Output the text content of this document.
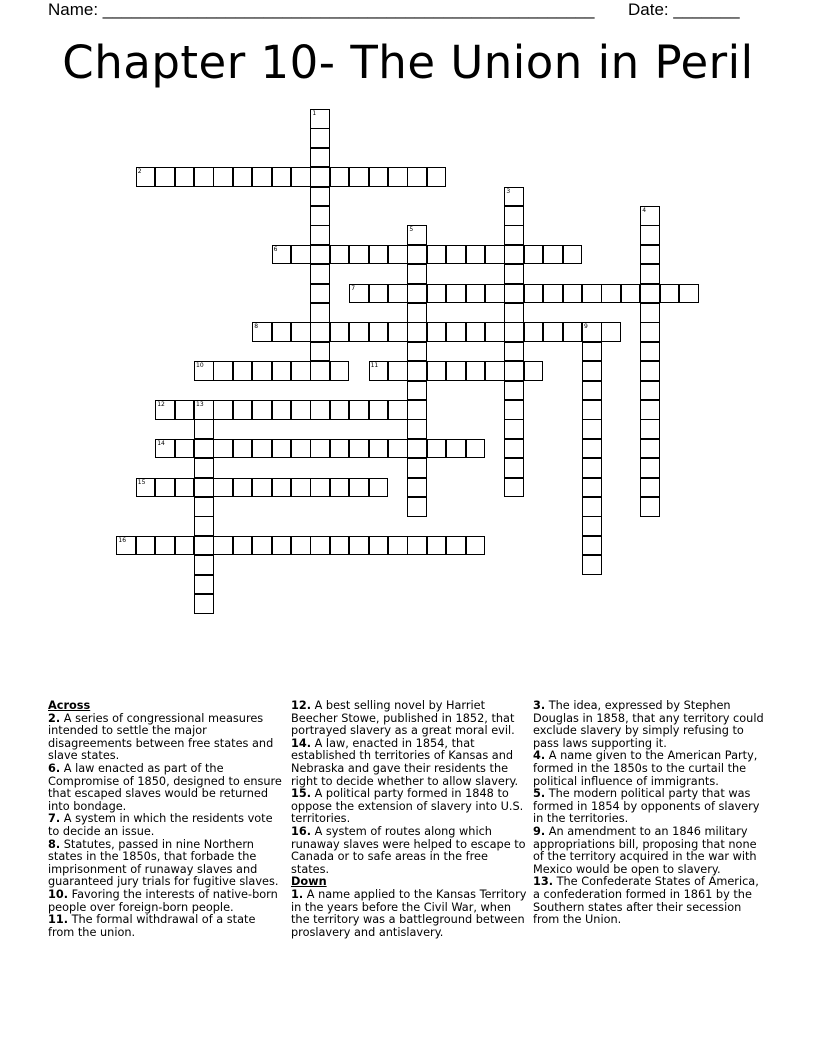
Name: ____________________________________________________ Date: _______
Chapter 10- The Union in Peril
2
6
7
8
10	11
12
14
15
16
1
3
4
5
9
13

Across

2. A series of congressional measures intended to settle the major disagreements between free states and slave states.

6. A law enacted as part of the Compromise of 1850, designed to ensure that escaped slaves would be returned into bondage.

7. A system in which the residents vote to decide an issue.

8. Statutes, passed in nine Northern states in the 1850s, that forbade the imprisonment of runaway slaves and guaranteed jury trials for fugitive slaves.

10. Favoring the interests of native-born people over foreign-born people.

11. The formal withdrawal of a state from the union.

12. A best selling novel by Harriet Beecher Stowe, published in 1852, that portrayed slavery as a great moral evil.

14. A law, enacted in 1854, that established th territories of Kansas and Nebraska and gave their residents the right to decide whether to allow slavery.

15. A political party formed in 1848 to oppose the extension of slavery into U.S. territories.

16. A system of routes along which runaway slaves were helped to escape to Canada or to safe areas in the free states.

Down

1. A name applied to the Kansas Territory in the years before the Civil War, when the territory was a battleground between proslavery and antislavery.

3. The idea, expressed by Stephen Douglas in 1858, that any territory could exclude slavery by simply refusing to pass laws supporting it.

4. A name given to the American Party, formed in the 1850s to the curtail the political influence of immigrants.

5. The modern political party that was formed in 1854 by opponents of slavery in the territories.

9. An amendment to an 1846 military appropriations bill, proposing that none of the territory acquired in the war with Mexico would be open to slavery.

13. The Confederate States of America, a confederation formed in 1861 by the Southern states after their secession from the Union.
